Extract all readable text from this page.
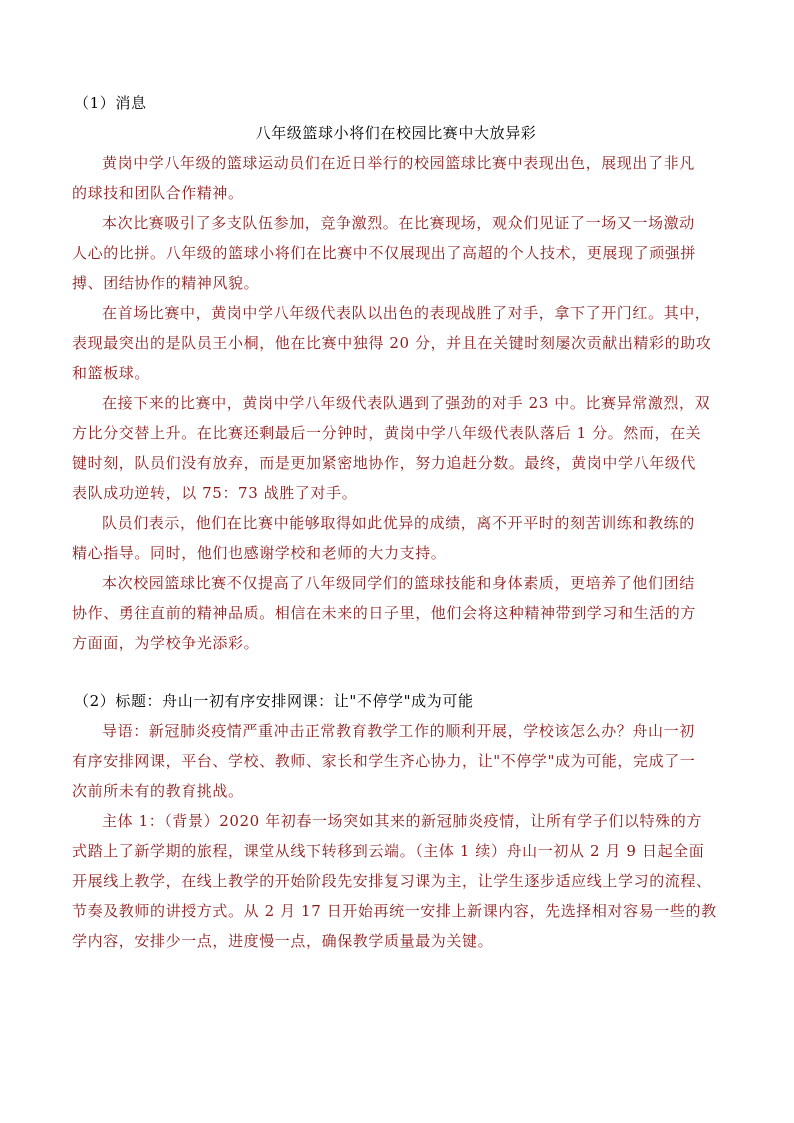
（1）消息
八年级篮球小将们在校园比赛中大放异彩
黄岗中学八年级的篮球运动员们在近日举行的校园篮球比赛中表现出色，展现出了非凡
的球技和团队合作精神。
本次比赛吸引了多支队伍参加，竞争激烈。在比赛现场，观众们见证了一场又一场激动
人心的比拼。八年级的篮球小将们在比赛中不仅展现出了高超的个人技术，更展现了顽强拼
搏、团结协作的精神风貌。
在首场比赛中，黄岗中学八年级代表队以出色的表现战胜了对手，拿下了开门红。其中，
表现最突出的是队员王小桐，他在比赛中独得 20 分，并且在关键时刻屡次贡献出精彩的助攻
和篮板球。
在接下来的比赛中，黄岗中学八年级代表队遇到了强劲的对手 23 中。比赛异常激烈，双
方比分交替上升。在比赛还剩最后一分钟时，黄岗中学八年级代表队落后 1 分。然而，在关
键时刻，队员们没有放弃，而是更加紧密地协作，努力追赶分数。最终，黄岗中学八年级代
表队成功逆转，以 75：73 战胜了对手。
队员们表示，他们在比赛中能够取得如此优异的成绩，离不开平时的刻苦训练和教练的
精心指导。同时，他们也感谢学校和老师的大力支持。
本次校园篮球比赛不仅提高了八年级同学们的篮球技能和身体素质，更培养了他们团结
协作、勇往直前的精神品质。相信在未来的日子里，他们会将这种精神带到学习和生活的方
方面面，为学校争光添彩。
（2）标题：舟山一初有序安排网课：让"不停学"成为可能
导语：新冠肺炎疫情严重冲击正常教育教学工作的顺利开展，学校该怎么办？舟山一初
有序安排网课，平台、学校、教师、家长和学生齐心协力，让"不停学"成为可能，完成了一
次前所未有的教育挑战。
主体 1：（背景）2020 年初春一场突如其来的新冠肺炎疫情，让所有学子们以特殊的方
式踏上了新学期的旅程，课堂从线下转移到云端。（主体 1 续）舟山一初从 2 月 9 日起全面
开展线上教学，在线上教学的开始阶段先安排复习课为主，让学生逐步适应线上学习的流程、
节奏及教师的讲授方式。从 2 月 17 日开始再统一安排上新课内容，先选择相对容易一些的教
学内容，安排少一点，进度慢一点，确保教学质量最为关键。
